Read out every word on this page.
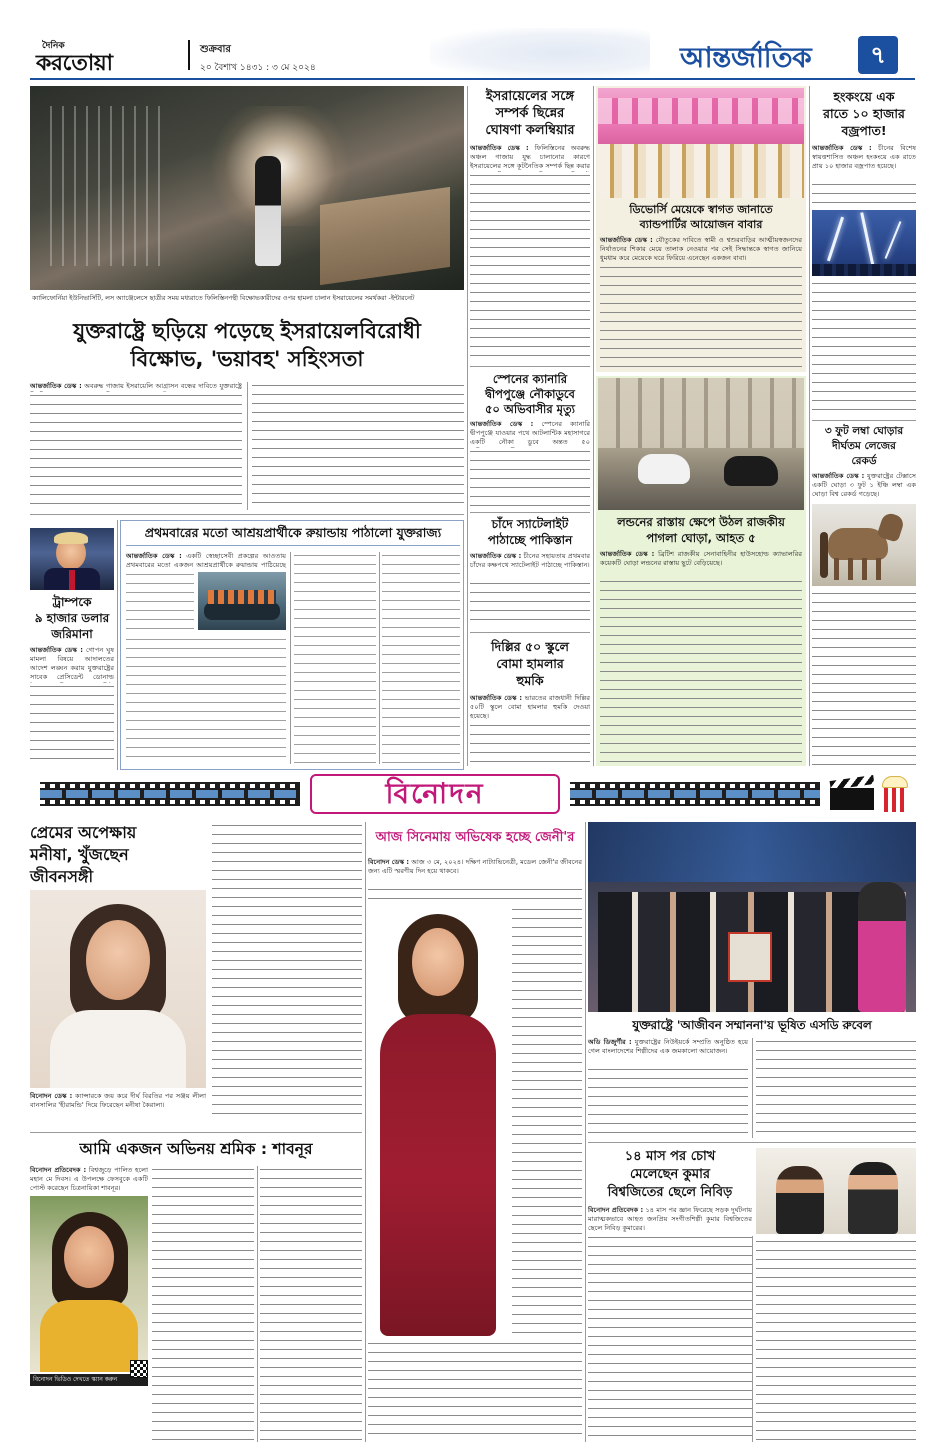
দৈনিক
করতোয়া
শুক্রবার
২০ বৈশাখ ১৪৩১ : ৩ মে ২০২৪	আন্তর্জাতিক	৭
ক্যালিফোর্নিয়া ইউনিভার্সিটি, লস অ্যাঞ্জেলেসে ছাত্রীর সময় মধ্যরাতে ফিলিস্তিনপন্থী বিক্ষোভকারীদের ওপর হামলা চালান ইসরায়েলের সমর্থকরা -ইন্টারনেট
যুক্তরাষ্ট্রে ছড়িয়ে পড়েছে ইসরায়েলবিরোধী
বিক্ষোভ, 'ভয়াবহ' সহিংসতা
আন্তর্জাতিক ডেস্ক : অবরুদ্ধ গাজায় ইসরায়েলি আগ্রাসন বন্ধের দাবিতে যুক্তরাষ্ট্রে
ইসরায়েলের সঙ্গে
সম্পর্ক ছিন্নের
ঘোষণা কলম্বিয়ার
আন্তর্জাতিক ডেস্ক : ফিলিস্তিনের অবরুদ্ধ অঞ্চল গাজায় যুদ্ধ চালানোর কারণে ইসরায়েলের সঙ্গে কূটনৈতিক সম্পর্ক ছিন্ন করার
স্পেনের ক্যানারি
দ্বীপপুঞ্জে নৌকাডুবে
৫০ অভিবাসীর মৃত্যু
আন্তর্জাতিক ডেস্ক : স্পেনের ক্যানারি দ্বীপপুঞ্জে যাওয়ার পথে আটলান্টিক মহাসাগরে একটি নৌকা ডুবে অন্তত ৫০
চাঁদে স্যাটেলাইট
পাঠাচ্ছে পাকিস্তান
আন্তর্জাতিক ডেস্ক : চীনের সহায়তায় প্রথমবার চাঁদের কক্ষপথে স্যাটেলাইট পাঠাচ্ছে পাকিস্তান।
দিল্লির ৫০ স্কুলে
বোমা হামলার
হুমকি
আন্তর্জাতিক ডেস্ক : ভারতের রাজধানী দিল্লির ৫০টি স্কুলে বোমা হামলার হুমকি দেওয়া হয়েছে।
ট্রাম্পকে
৯ হাজার ডলার
জরিমানা
আন্তর্জাতিক ডেস্ক : গোপন ঘুষ মামলা বিষয়ে আদালতের আদেশ লঙ্ঘন করায় যুক্তরাষ্ট্রের সাবেক প্রেসিডেন্ট ডোনাল্ড
প্রথমবারের মতো আশ্রয়প্রার্থীকে রুয়ান্ডায় পাঠালো যুক্তরাজ্য
আন্তর্জাতিক ডেস্ক : একটি স্বেচ্ছাসেবী প্রকল্পের আওতায় প্রথমবারের মতো একজন আশ্রয়প্রার্থীকে রুয়ান্ডায় পাঠিয়েছে
ডিভোর্সি মেয়েকে স্বাগত জানাতে
ব্যান্ডপার্টির আয়োজন বাবার
আন্তর্জাতিক ডেস্ক : যৌতুকের দাবিতে স্বামী ও শ্বশুরবাড়ির আত্মীয়স্বজনদের নির্যাতনের শিকার মেয়ে তালাক নেওয়ার পর সেই সিদ্ধান্তকে স্বাগত জানিয়ে ধুমধাম করে মেয়েকে ঘরে ফিরিয়ে এনেছেন একজন বাবা।
লন্ডনের রাস্তায় ক্ষেপে উঠল রাজকীয়
পাগলা ঘোড়া, আহত ৫
আন্তর্জাতিক ডেস্ক : ব্রিটিশ রাজকীয় সেনাবাহিনীর হাউসহোল্ড ক্যাভালরির কয়েকটি ঘোড়া লন্ডনের রাস্তায় ছুটে বেড়িয়েছে।
হংকংয়ে এক
রাতে ১০ হাজার
বজ্রপাত!
আন্তর্জাতিক ডেস্ক : চীনের বিশেষ স্বায়ত্তশাসিত অঞ্চল হংকংয়ে এক রাতে প্রায় ১০ হাজার বজ্রপাত হয়েছে।
৩ ফুট লম্বা ঘোড়ার
দীর্ঘতম লেজের
রেকর্ড
আন্তর্জাতিক ডেস্ক : যুক্তরাষ্ট্রের টেক্সাসে একটি ঘোড়া ৩ ফুট ১ ইঞ্চি লম্বা এক ঘোড়া বিশ্ব রেকর্ড গড়েছে।
বিনোদন
প্রেমের অপেক্ষায়
মনীষা, খুঁজছেন
জীবনসঙ্গী
বিনোদন ডেস্ক : ক্যান্সারকে জয় করে দীর্ঘ বিরতির পর সঞ্জয় লীলা বানসালির 'হীরামন্ডি' দিয়ে ফিরেছেন মনীষা কৈরালা।
আমি একজন অভিনয় শ্রমিক : শাবনূর
বিনোদন প্রতিবেদক : বিশ্বজুড়ে পালিত হলো মহান মে দিবস। এ উপলক্ষে ফেসবুকে একটি পোস্ট করেছেন চিত্রনায়িকা শাবনূর।
বিনোদন ভিডিও দেখতে স্ক্যান করুন
আজ সিনেমায় অভিষেক হচ্ছে জেনী'র
বিনোদন ডেস্ক : আজ ৩ মে, ২০২৪। দক্ষিণ নাট্যাভিনেত্রী, মডেল জেনী'র জীবনের জন্য এটি স্মরণীয় দিন হয়ে থাকবে।
যুক্তরাষ্ট্রে 'আজীবন সম্মাননা'য় ভূষিত এসডি রুবেল
অডি ডিজুর্ণীর : যুক্তরাষ্ট্রের নিউইয়র্কে সম্প্রতি অনুষ্ঠিত হয়ে গেল বাংলাদেশের শিল্পীদের এক জমকালো আয়োজন।
১৪ মাস পর চোখ
মেলেছেন কুমার
বিশ্বজিতের ছেলে নিবিড়
বিনোদন প্রতিবেদক : ১৪ মাস পর জ্ঞান ফিরেছে সড়ক দুর্ঘটনায় মারাত্মকভাবে আহত জনপ্রিয় সংগীতশিল্পী কুমার বিশ্বজিতের ছেলে নিবিড় কুমারের।
